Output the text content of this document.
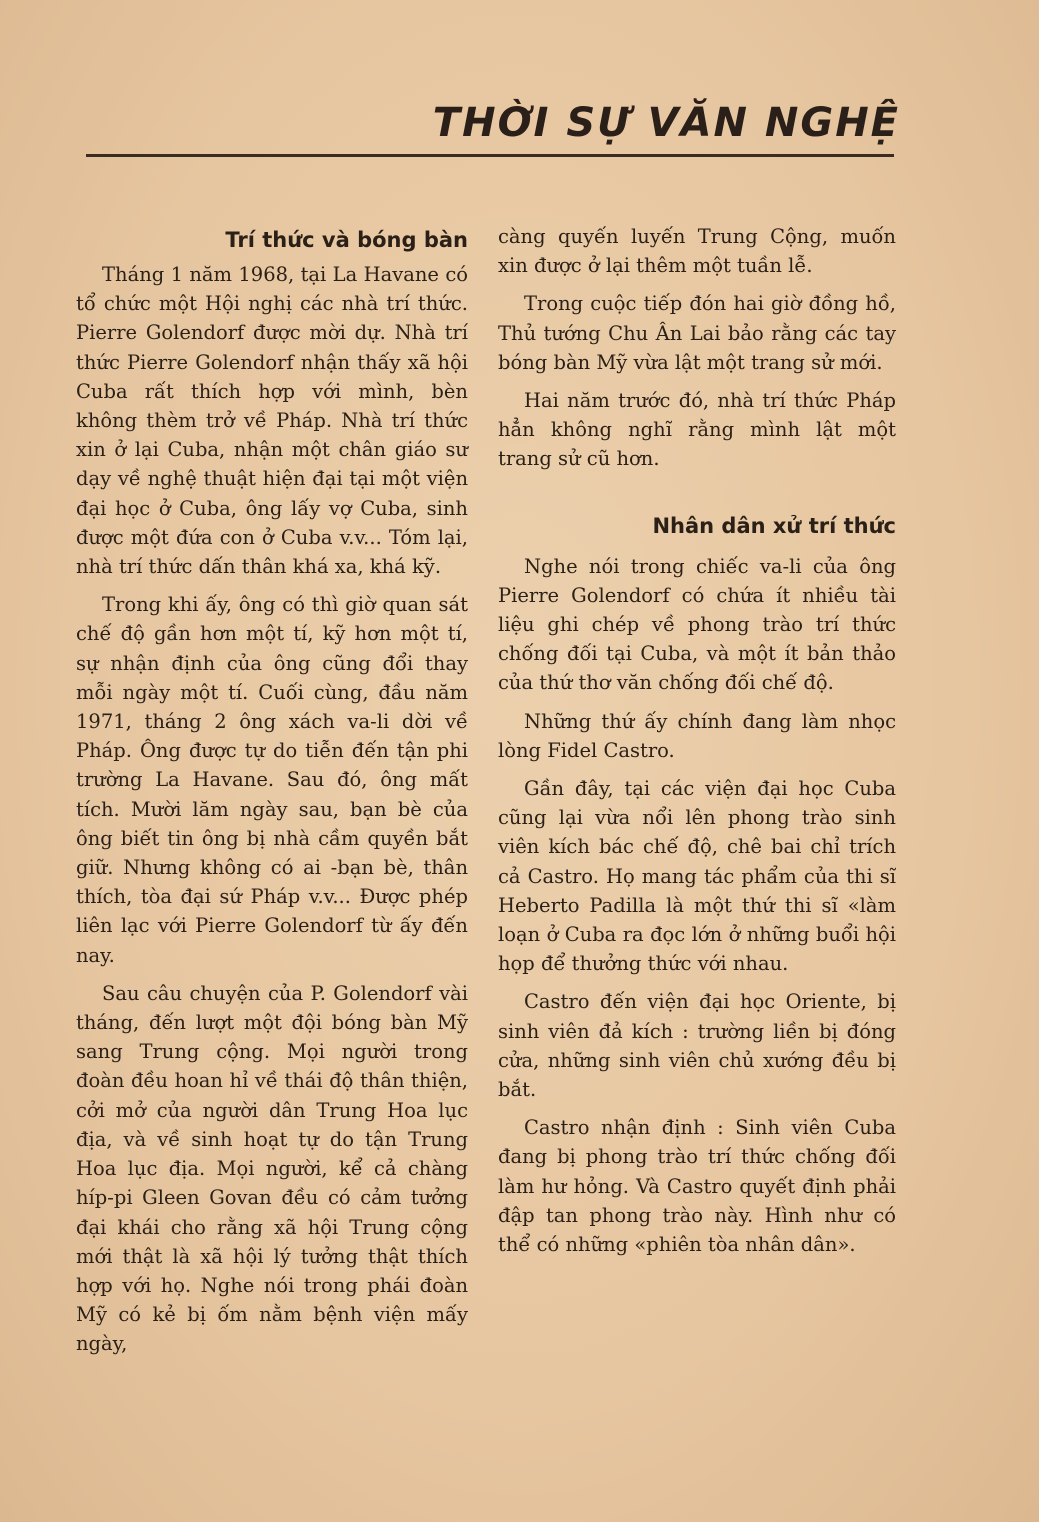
THỜI SỰ VĂN NGHỆ
Trí thức và bóng bàn

Tháng 1 năm 1968, tại La Havane có tổ chức một Hội nghị các nhà trí thức. Pierre Golendorf được mời dự. Nhà trí thức Pierre Golendorf nhận thấy xã hội Cuba rất thích hợp với mình, bèn không thèm trở về Pháp. Nhà trí thức xin ở lại Cuba, nhận một chân giáo sư dạy về nghệ thuật hiện đại tại một viện đại học ở Cuba, ông lấy vợ Cuba, sinh được một đứa con ở Cuba v.v... Tóm lại, nhà trí thức dấn thân khá xa, khá kỹ.

Trong khi ấy, ông có thì giờ quan sát chế độ gần hơn một tí, kỹ hơn một tí, sự nhận định của ông cũng đổi thay mỗi ngày một tí. Cuối cùng, đầu năm 1971, tháng 2 ông xách va-li dời về Pháp. Ông được tự do tiễn đến tận phi trường La Havane. Sau đó, ông mất tích. Mười lăm ngày sau, bạn bè của ông biết tin ông bị nhà cầm quyền bắt giữ. Nhưng không có ai -bạn bè, thân thích, tòa đại sứ Pháp v.v... Được phép liên lạc với Pierre Golendorf từ ấy đến nay.

Sau câu chuyện của P. Golendorf vài tháng, đến lượt một đội bóng bàn Mỹ sang Trung cộng. Mọi người trong đoàn đều hoan hỉ về thái độ thân thiện, cởi mở của người dân Trung Hoa lục địa, và về sinh hoạt tự do tận Trung Hoa lục địa. Mọi người, kể cả chàng híp-pi Gleen Govan đều có cảm tưởng đại khái cho rằng xã hội Trung cộng mới thật là xã hội lý tưởng thật thích hợp với họ. Nghe nói trong phái đoàn Mỹ có kẻ bị ốm nằm bệnh viện mấy ngày,

càng quyến luyến Trung Cộng, muốn xin được ở lại thêm một tuần lễ.

Trong cuộc tiếp đón hai giờ đồng hồ, Thủ tướng Chu Ân Lai bảo rằng các tay bóng bàn Mỹ vừa lật một trang sử mới.

Hai năm trước đó, nhà trí thức Pháp hẳn không nghĩ rằng mình lật một trang sử cũ hơn.

Nhân dân xử trí thức

Nghe nói trong chiếc va-li của ông Pierre Golendorf có chứa ít nhiều tài liệu ghi chép về phong trào trí thức chống đối tại Cuba, và một ít bản thảo của thứ thơ văn chống đối chế độ.

Những thứ ấy chính đang làm nhọc lòng Fidel Castro.

Gần đây, tại các viện đại học Cuba cũng lại vừa nổi lên phong trào sinh viên kích bác chế độ, chê bai chỉ trích cả Castro. Họ mang tác phẩm của thi sĩ Heberto Padilla là một thứ thi sĩ «làm loạn ở Cuba ra đọc lớn ở những buổi hội họp để thưởng thức với nhau.

Castro đến viện đại học Oriente, bị sinh viên đả kích : trường liền bị đóng cửa, những sinh viên chủ xướng đều bị bắt.

Castro nhận định : Sinh viên Cuba đang bị phong trào trí thức chống đối làm hư hỏng. Và Castro quyết định phải đập tan phong trào này. Hình như có thể có những «phiên tòa nhân dân».
